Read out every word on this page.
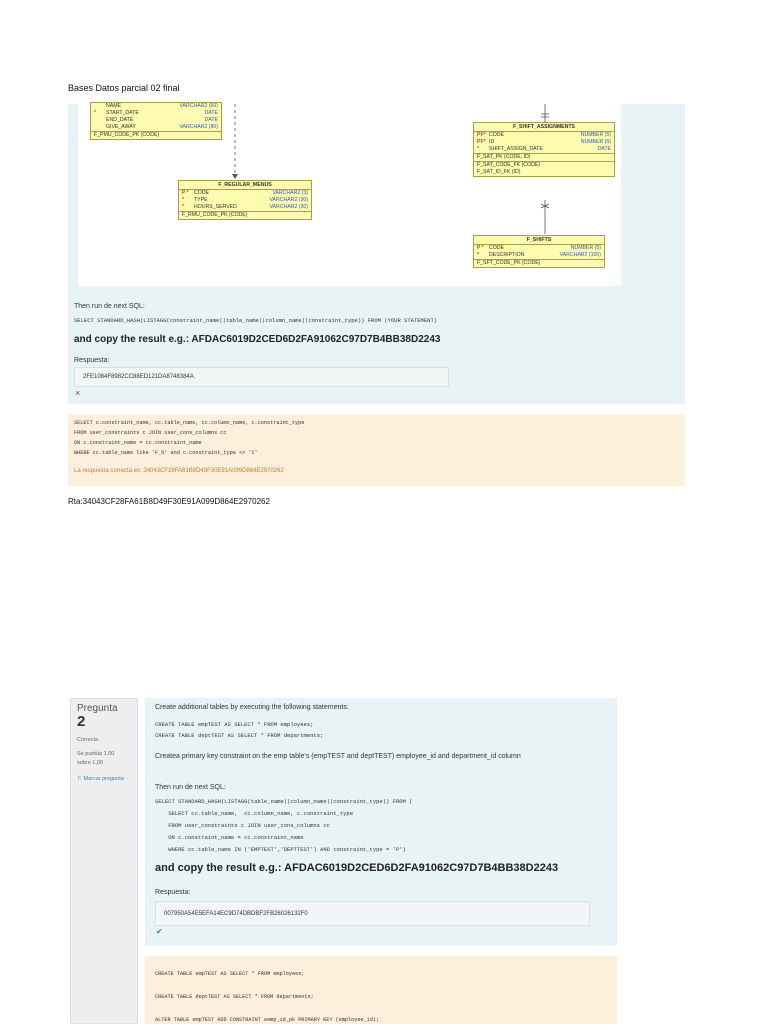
Bases Datos parcial 02 final
NAME	VARCHAR2 (60)
*	START_DATE	DATE
END_DATE	DATE
GIVE_AWAY	VARCHAR2 (80)
F_PMU_CODE_PK (CODE)
F_REGULAR_MENUS
P * CODE	VARCHAR2 (3)
*	TYPE	VARCHAR2 (30)
*	HOURS_SERVED	VARCHAR2 (30)
F_RMU_CODE_PK (CODE)
F_SHIFT_ASSIGNMENTS
PF* CODE	NUMBER (5)
PF* ID	NUMBER (5)
*	SHIFT_ASSIGN_DATE	DATE
F_SAT_PK (CODE, ID)
F_SAT_CODE_FK (CODE)
F_SAT_ID_FK (ID)
F_SHIFTS
P * CODE	NUMBER (5)
*	DESCRIPTION	VARCHAR2 (100)
F_SFT_CODE_PK (CODE)
Then run de next SQL:
SELECT STANDARD_HASH(LISTAGG(constraint_name||table_name||column_name||constraint_type)) FROM (YOUR STATEMENT)
and copy the result e.g.: AFDAC6019D2CED6D2FA91062C97D7B4BB38D2243
Respuesta:
2FE1084F8982CC88ED121DA8748384A
×
SELECT c.constraint_name, cc.table_name, cc.column_name, c.constraint_type
FROM user_constraints c JOIN user_cons_columns cc
ON c.constraint_name = cc.constraint_name
WHERE cc.table_name like 'F_%' and c.constraint_type <> 'C'
La respuesta correcta es: 34043CF28FA61B8D49F30E91A099D864E2970262
Rta:34043CF28FA61B8D49F30E91A099D864E2970262
Pregunta
2
Correcta
Se puntúa 1,00 sobre 1,00
⚐ Marcar pregunta
Create additional tables by executing the following statements:
CREATE TABLE empTEST AS SELECT * FROM employees;
CREATE TABLE deptTEST AS SELECT * FROM departments;
Createa primary key constraint on the emp table's (empTEST and deptTEST) employee_id and department_id column
Then run de next SQL:
SELECT STANDARD_HASH(LISTAGG(table_name||column_name||constraint_type)) FROM (
SELECT cc.table_name,  cc.column_name, c.constraint_type
FROM user_constraints c JOIN user_cons_columns cc
ON c.constraint_name = cc.constraint_name
WHERE cc.table_name IN ('EMPTEST','DEPTTEST') AND constraint_type = 'P')
and copy the result e.g.: AFDAC6019D2CED6D2FA91062C97D7B4BB38D2243
Respuesta:
007950A54E5EFA14EC9D74DBDBF2FB26026132F0
✔
CREATE TABLE empTEST AS SELECT * FROM employees;
CREATE TABLE deptTEST AS SELECT * FROM departments;
ALTER TABLE empTEST ADD CONSTRAINT eemp_id_pk PRIMARY KEY (employee_id);
